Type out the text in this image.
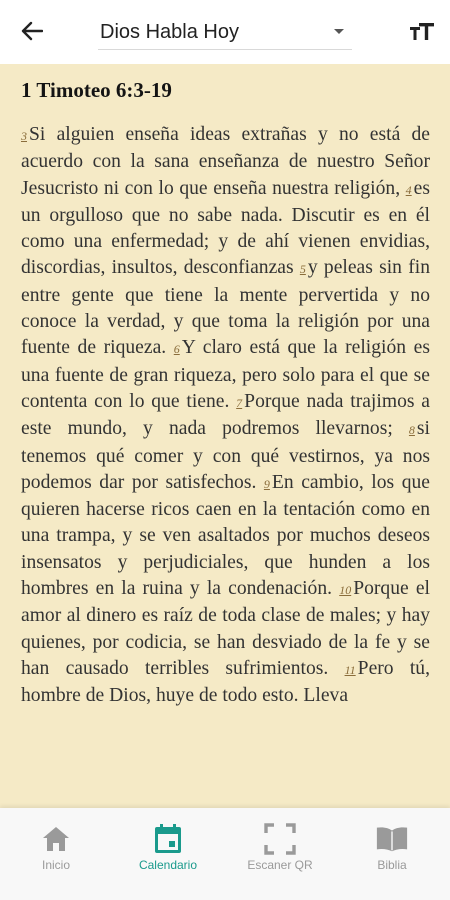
Dios Habla Hoy
1 Timoteo 6:3-19
3 Si alguien enseña ideas extrañas y no está de acuerdo con la sana enseñanza de nuestro Señor Jesucristo ni con lo que enseña nuestra religión, 4 es un orgulloso que no sabe nada. Discutir es en él como una enfermedad; y de ahí vienen envidias, discordias, insultos, desconfianzas 5 y peleas sin fin entre gente que tiene la mente pervertida y no conoce la verdad, y que toma la religión por una fuente de riqueza. 6 Y claro está que la religión es una fuente de gran riqueza, pero solo para el que se contenta con lo que tiene. 7 Porque nada trajimos a este mundo, y nada podremos llevarnos; 8 si tenemos qué comer y con qué vestirnos, ya nos podemos dar por satisfechos. 9 En cambio, los que quieren hacerse ricos caen en la tentación como en una trampa, y se ven asaltados por muchos deseos insensatos y perjudiciales, que hunden a los hombres en la ruina y la condenación. 10 Porque el amor al dinero es raíz de toda clase de males; y hay quienes, por codicia, se han desviado de la fe y se han causado terribles sufrimientos. 11 Pero tú, hombre de Dios, huye de todo esto. Lleva
Inicio	Calendario	Escaner QR	Biblia
